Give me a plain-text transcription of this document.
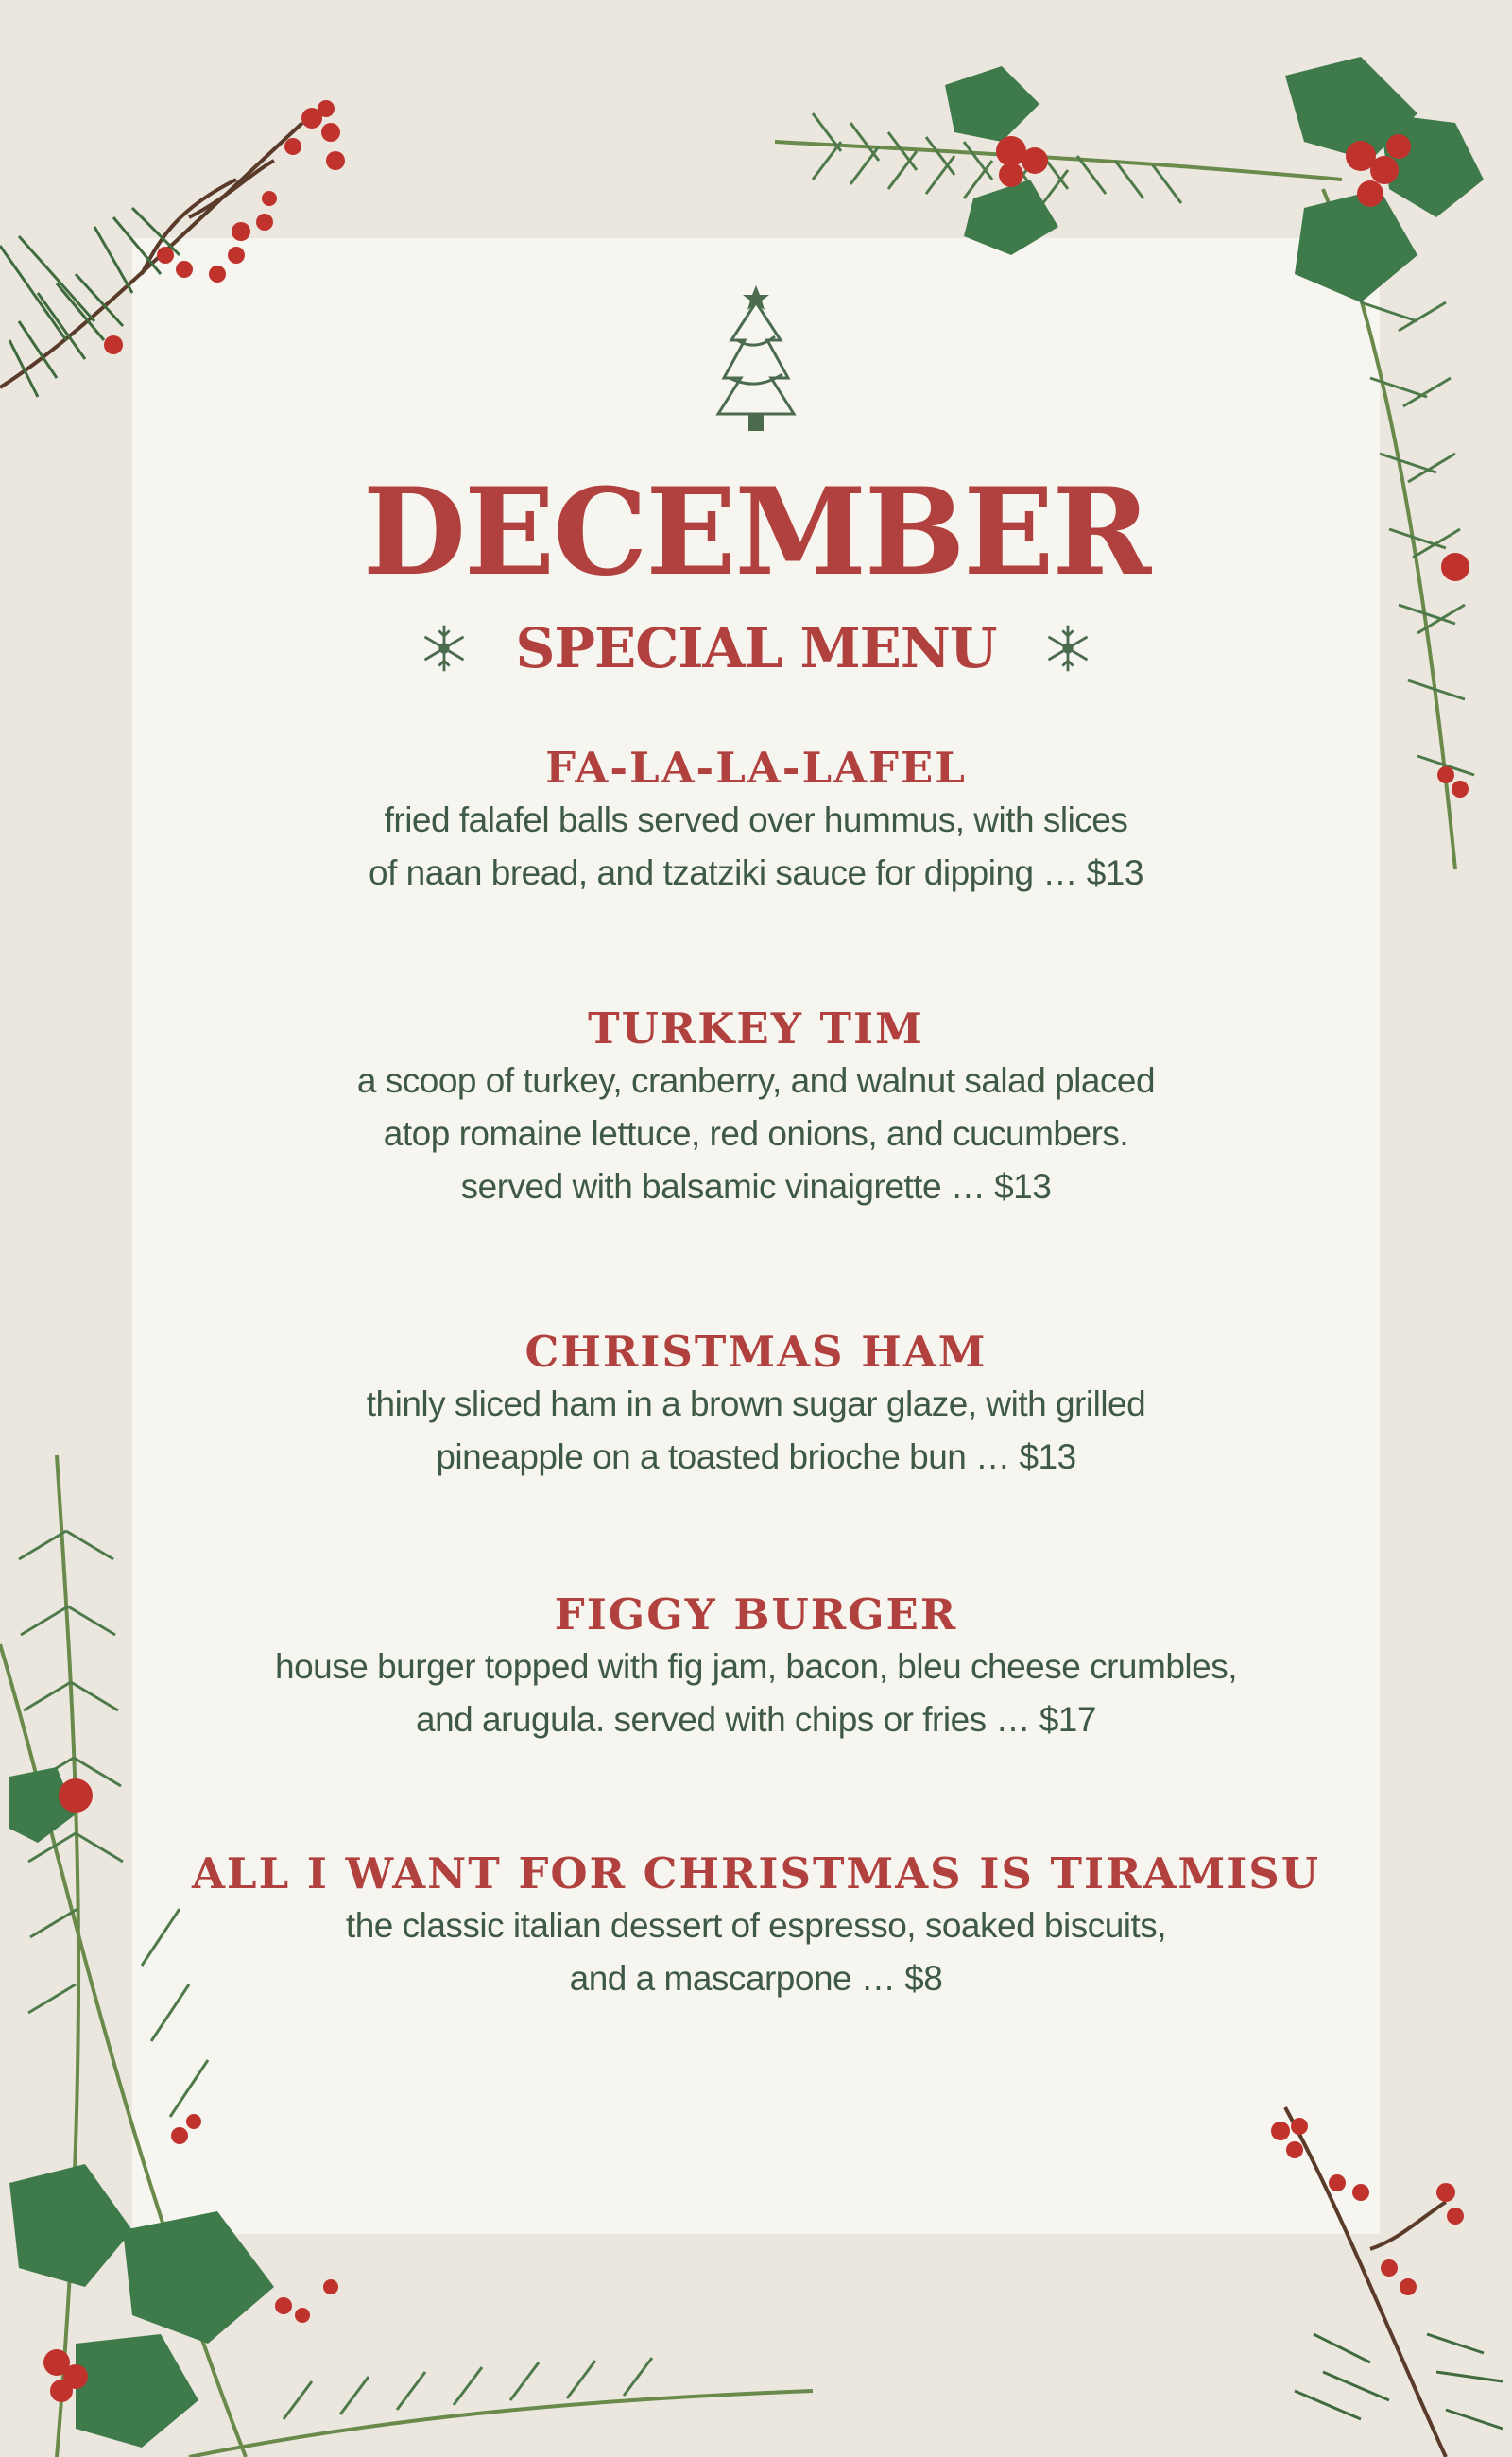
DECEMBER
SPECIAL MENU
FA-LA-LA-LAFEL

fried falafel balls served over hummus, with slices
of naan bread, and tzatziki sauce for dipping … $13

TURKEY TIM

a scoop of turkey, cranberry, and walnut salad placed
atop romaine lettuce, red onions, and cucumbers.
served with balsamic vinaigrette … $13

CHRISTMAS HAM

thinly sliced ham in a brown sugar glaze, with grilled
pineapple on a toasted brioche bun … $13

FIGGY BURGER

house burger topped with fig jam, bacon, bleu cheese crumbles,
and arugula. served with chips or fries … $17

ALL I WANT FOR CHRISTMAS IS TIRAMISU

the classic italian dessert of espresso, soaked biscuits,
and a mascarpone … $8
